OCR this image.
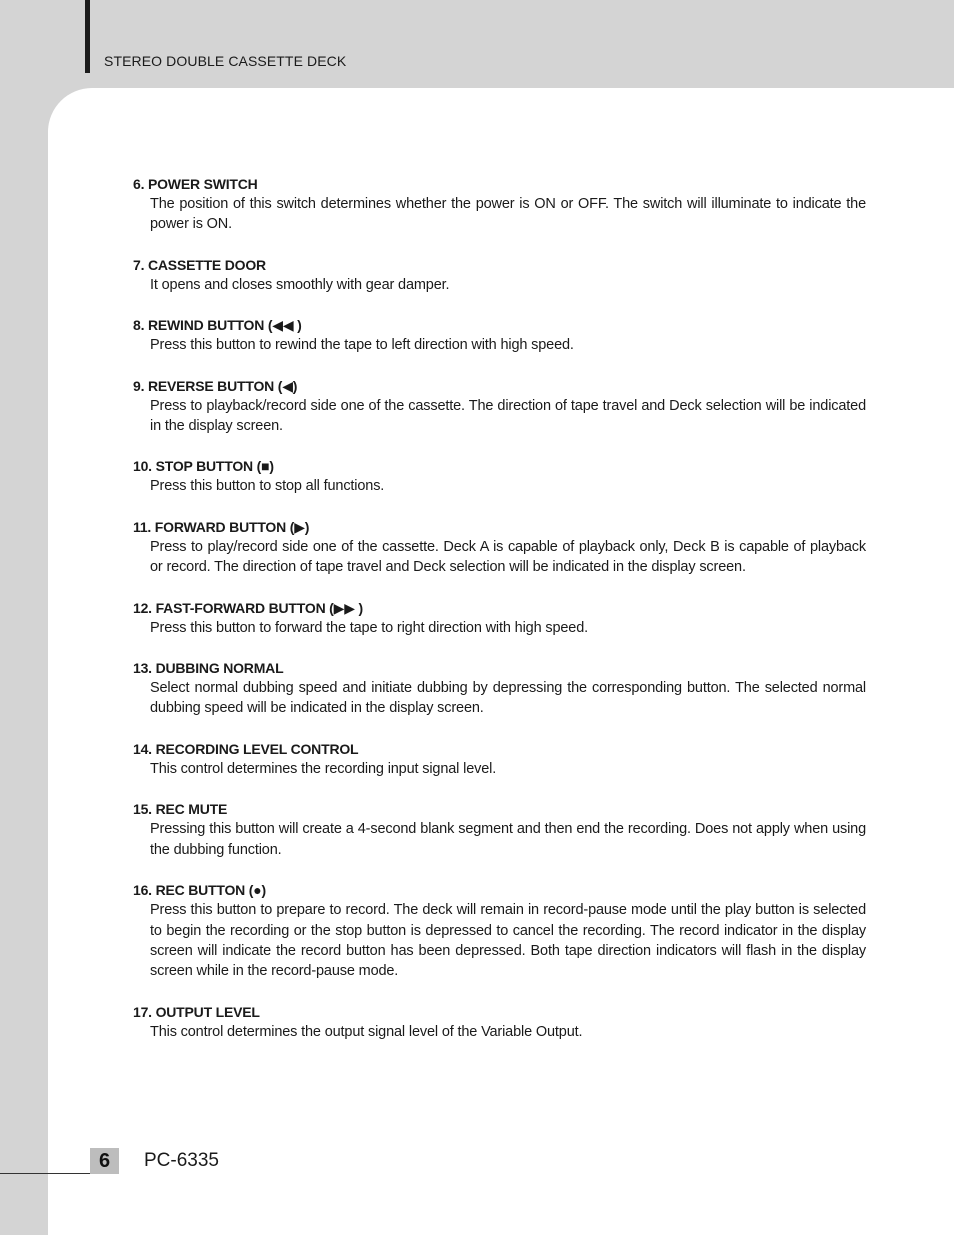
STEREO DOUBLE CASSETTE DECK
6. POWER SWITCH
The position of this switch determines whether the power is ON or OFF. The switch will illuminate to indicate the power is ON.
7. CASSETTE DOOR
It opens and closes smoothly with gear damper.
8. REWIND BUTTON (◀◀ )
Press this button to rewind the tape to left direction with high speed.
9. REVERSE BUTTON (◀)
Press to playback/record side one of the cassette. The direction of tape travel and Deck selection will be indicated in the display screen.
10. STOP BUTTON (■)
Press this button to stop all functions.
11. FORWARD BUTTON (▶)
Press to play/record side one of the cassette. Deck A is capable of playback only, Deck B is capable of playback or record. The direction of tape travel and Deck selection will be indicated in the display screen.
12. FAST-FORWARD BUTTON (▶▶ )
Press this button to forward the tape to right direction with high speed.
13. DUBBING NORMAL
Select normal dubbing speed and initiate dubbing by depressing the corresponding button. The selected normal dubbing speed will be indicated in the display screen.
14. RECORDING LEVEL CONTROL
This control determines the recording input signal level.
15. REC MUTE
Pressing this button will create a 4-second blank segment and then end the recording. Does not apply when using the dubbing function.
16. REC BUTTON (●)
Press this button to prepare to record. The deck will remain in record-pause mode until the play button is selected to begin the recording or the stop button is depressed to cancel the recording. The record indicator in the display screen will indicate the record button has been depressed. Both tape direction indicators will flash in the display screen while in the record-pause mode.
17. OUTPUT LEVEL
This control determines the output signal level of the Variable Output.
6	PC-6335
